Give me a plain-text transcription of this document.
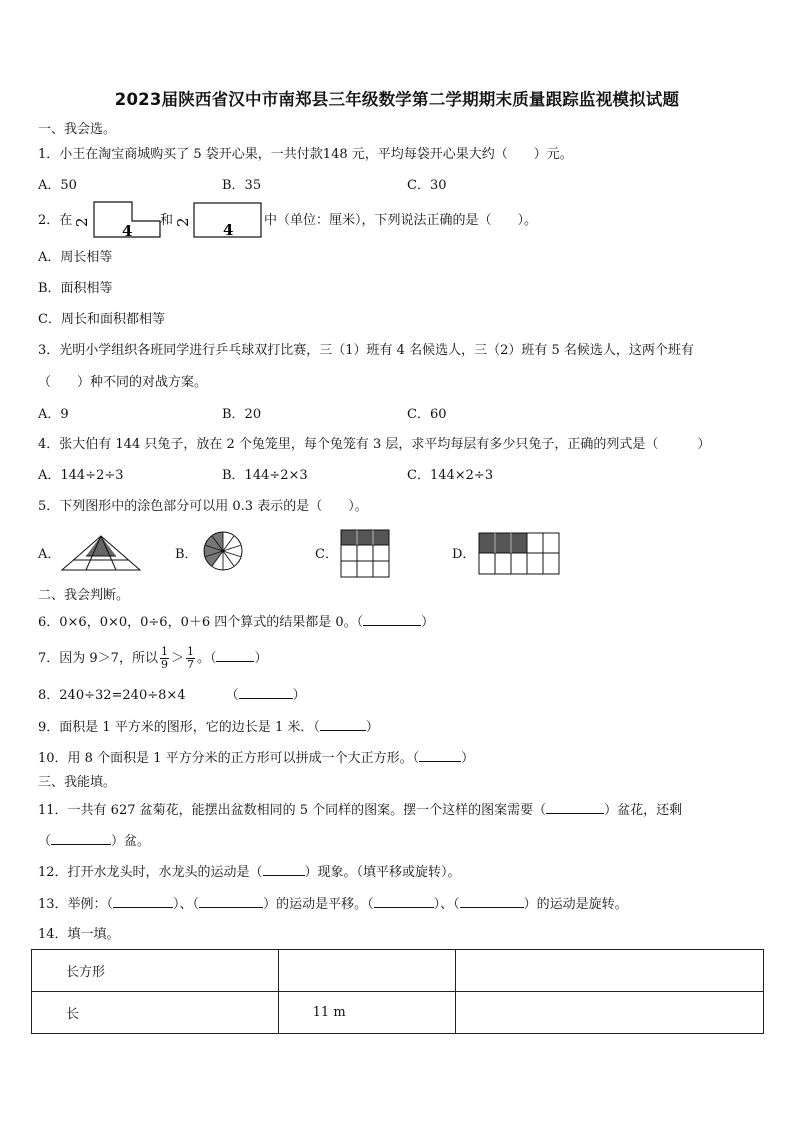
2023届陕西省汉中市南郑县三年级数学第二学期期末质量跟踪监视模拟试题
一、我会选。
1．小王在淘宝商城购买了 5 袋开心果，一共付款148 元，平均每袋开心果大约（　　）元。
A．50	B．35	C．30
2．在 2 4
和 2 4
中（单位：厘米），下列说法正确的是（　　）。
A．周长相等
B．面积相等
C．周长和面积都相等
3．光明小学组织各班同学进行乒乓球双打比赛，三（1）班有 4 名候选人，三（2）班有 5 名候选人，这两个班有
（　　）种不同的对战方案。
A．9	B．20	C．60
4．张大伯有 144 只兔子，放在 2 个兔笼里，每个兔笼有 3 层，求平均每层有多少只兔子，正确的列式是（　　　）
A．144÷2÷3	B．144÷2×3	C．144×2÷3
5．下列图形中的涂色部分可以用 0.3 表示的是（　　）。
A．	B．	C．	D．
二、我会判断。
6．0×6，0×0，0÷6，0＋6 四个算式的结果都是 0。（	）
7．因为 9＞7，所以 $\frac{1}{9} > \frac{1}{7}$ 。（	）
8．240÷32=240÷8×4	（	）
9．面积是 1 平方米的图形，它的边长是 1 米．（	）
10．用 8 个面积是 1 平方分米的正方形可以拼成一个大正方形。（	）
三、我能填。
11．一共有 627 盆菊花，能摆出盆数相同的 5 个同样的图案。摆一个这样的图案需要（	）盆花，还剩
（	）盆。
12．打开水龙头时，水龙头的运动是（	）现象。（填平移或旋转）。
13．举例：（	）、（	）的运动是平移。（	）、（	）的运动是旋转。
14．填一填。
长方形		
长	11 m	
